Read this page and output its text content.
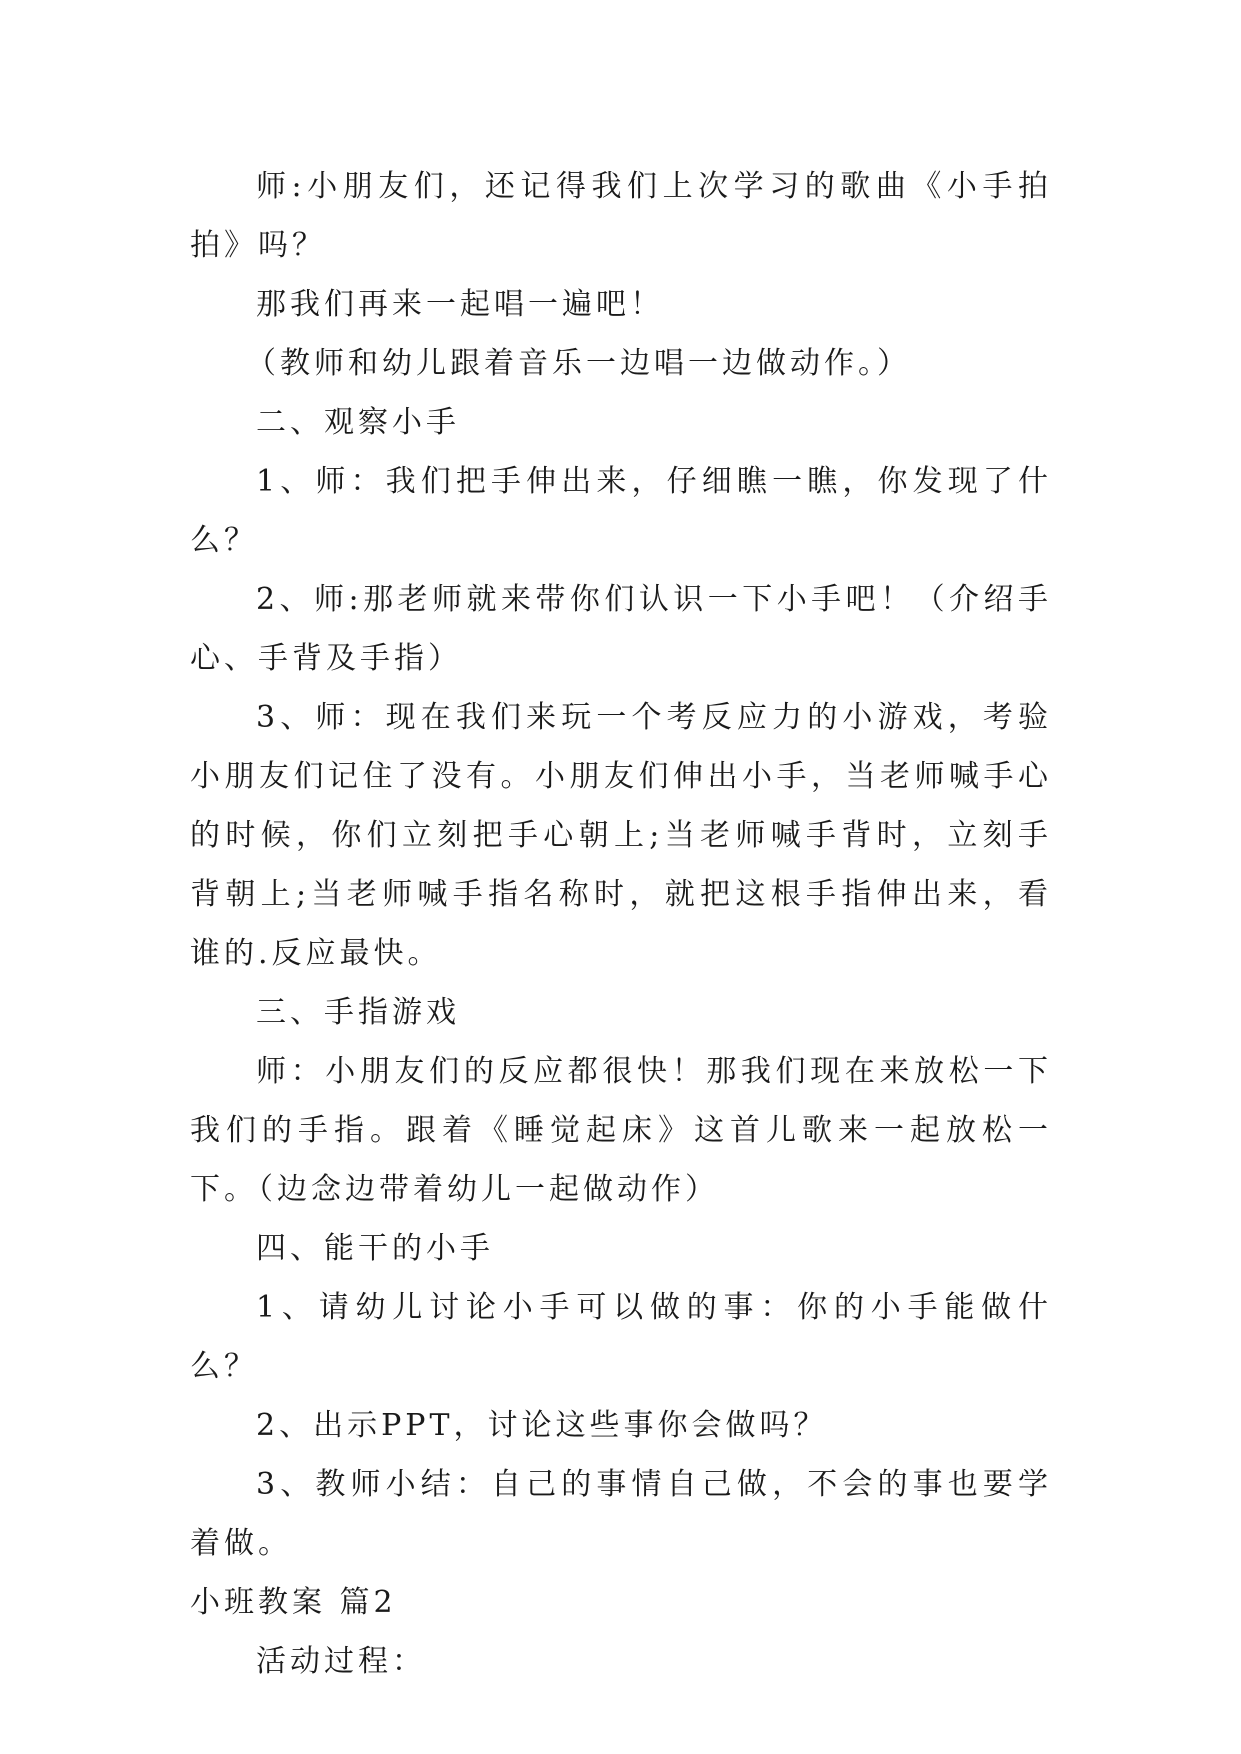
师:小朋友们，还记得我们上次学习的歌曲《小手拍拍》吗？

那我们再来一起唱一遍吧！

（教师和幼儿跟着音乐一边唱一边做动作。）

二、观察小手

1、师：我们把手伸出来，仔细瞧一瞧，你发现了什么？

2、师:那老师就来带你们认识一下小手吧！（介绍手心、手背及手指）

3、师：现在我们来玩一个考反应力的小游戏，考验小朋友们记住了没有。小朋友们伸出小手，当老师喊手心的时候，你们立刻把手心朝上;当老师喊手背时，立刻手背朝上;当老师喊手指名称时，就把这根手指伸出来，看谁的.反应最快。

三、手指游戏

师：小朋友们的反应都很快！那我们现在来放松一下我们的手指。跟着《睡觉起床》这首儿歌来一起放松一下。（边念边带着幼儿一起做动作）

四、能干的小手

1、请幼儿讨论小手可以做的事：你的小手能做什么？

2、出示PPT，讨论这些事你会做吗？

3、教师小结：自己的事情自己做，不会的事也要学着做。

小班教案 篇2

活动过程：
